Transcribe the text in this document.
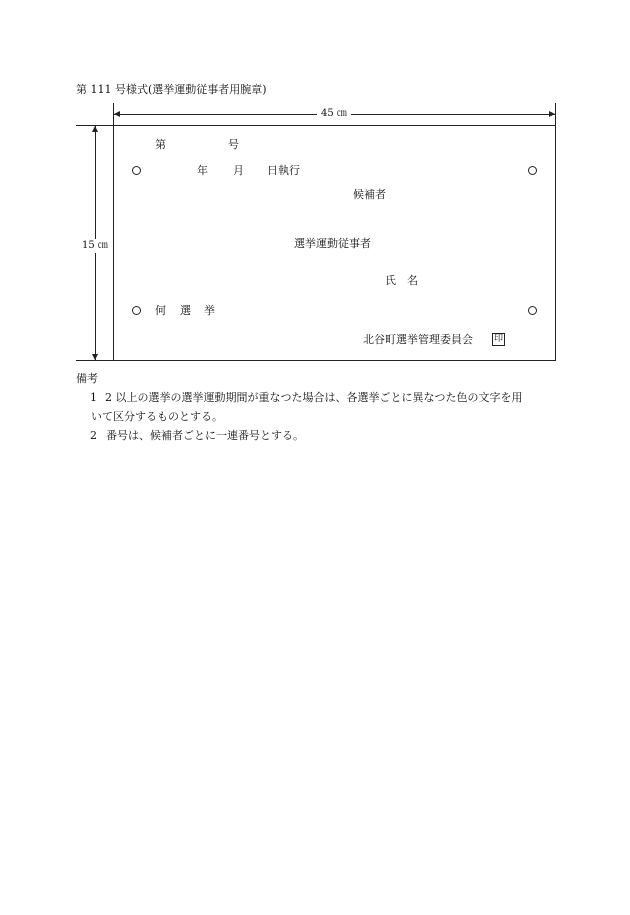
第 111 号様式(選挙運動従事者用腕章)
45 ㎝
15 ㎝
第	号
年 月 日執行
候補者
選挙運動従事者
氏　名
何 選 挙
北谷町選挙管理委員会 印
備考
1 2 以上の選挙の選挙運動期間が重なつた場合は、各選挙ごとに異なつた色の文字を用
いて区分するものとする。
2 番号は、候補者ごとに一連番号とする。
